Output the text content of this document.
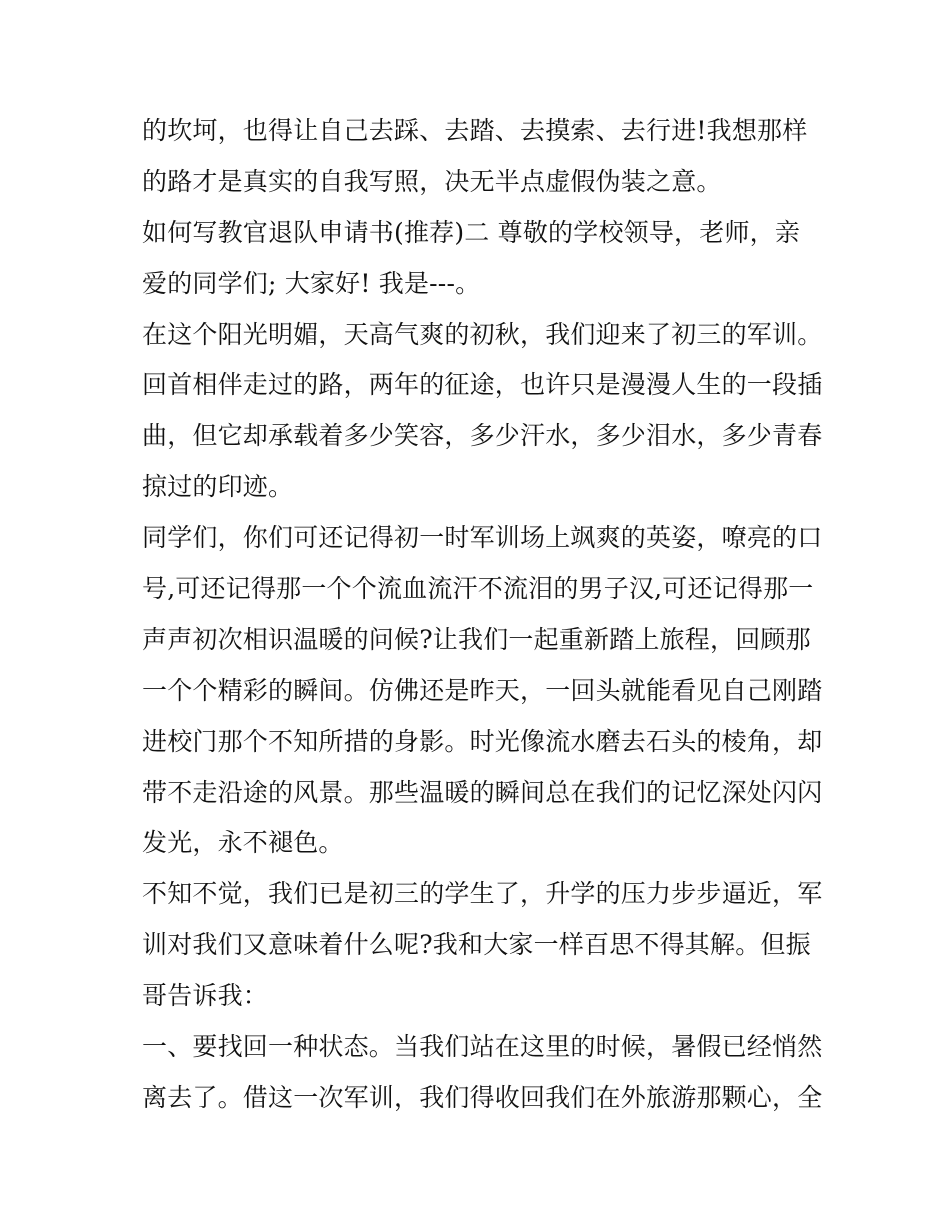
的坎坷，也得让自己去踩、去踏、去摸索、去行进!我想那样
的路才是真实的自我写照，决无半点虚假伪装之意。
如何写教官退队申请书(推荐)二 尊敬的学校领导，老师，亲
爱的同学们; 大家好! 我是---。
在这个阳光明媚，天高气爽的初秋，我们迎来了初三的军训。
回首相伴走过的路，两年的征途，也许只是漫漫人生的一段插
曲，但它却承载着多少笑容，多少汗水，多少泪水，多少青春
掠过的印迹。
同学们，你们可还记得初一时军训场上飒爽的英姿，嘹亮的口
号,可还记得那一个个流血流汗不流泪的男子汉,可还记得那一
声声初次相识温暖的问候?让我们一起重新踏上旅程，回顾那
一个个精彩的瞬间。仿佛还是昨天，一回头就能看见自己刚踏
进校门那个不知所措的身影。时光像流水磨去石头的棱角，却
带不走沿途的风景。那些温暖的瞬间总在我们的记忆深处闪闪
发光，永不褪色。
不知不觉，我们已是初三的学生了，升学的压力步步逼近，军
训对我们又意味着什么呢?我和大家一样百思不得其解。但振
哥告诉我：
一、要找回一种状态。当我们站在这里的时候，暑假已经悄然
离去了。借这一次军训，我们得收回我们在外旅游那颗心，全
